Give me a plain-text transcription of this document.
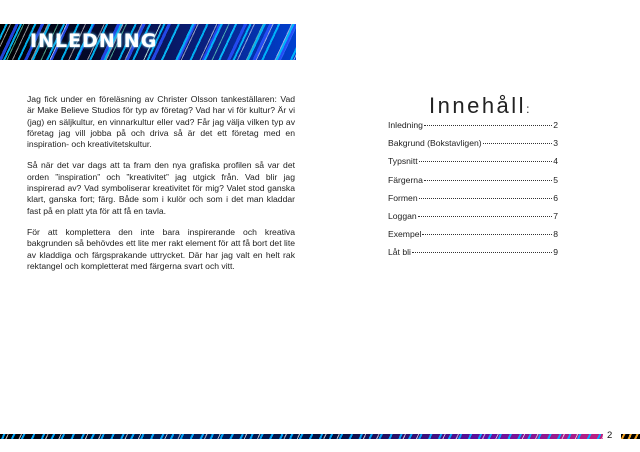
INLEDNING

Jag fick under en föreläsning av Christer Olsson tankeställaren: Vad är Make Believe Studios för typ av företag? Vad har vi för kultur? Är vi (jag) en säljkultur, en vinnarkultur eller vad? Får jag välja vilken typ av företag jag vill jobba på och driva så är det ett företag med en inspiration- och kreativitetskultur.

Så när det var dags att ta fram den nya grafiska profilen så var det orden ”inspiration” och ”kreativitet” jag utgick från. Vad blir jag inspirerad av? Vad symboliserar kreativitet för mig? Valet stod ganska klart, ganska fort; färg. Både som i kulör och som i det man kladdar fast på en platt yta för att få en tavla.

För att komplettera den inte bara inspirerande och kreativa bakgrunden så behövdes ett lite mer rakt element för att få bort det lite av kladdiga och färgsprakande uttrycket. Där har jag valt en helt rak rektangel och kompletterat med färgerna svart och vitt.

Innehåll:
Inledning	2
Bakgrund (Bokstavligen)	3
Typsnitt	4
Färgerna	5
Formen	6
Loggan	7
Exempel	8
Låt bli	9
2
